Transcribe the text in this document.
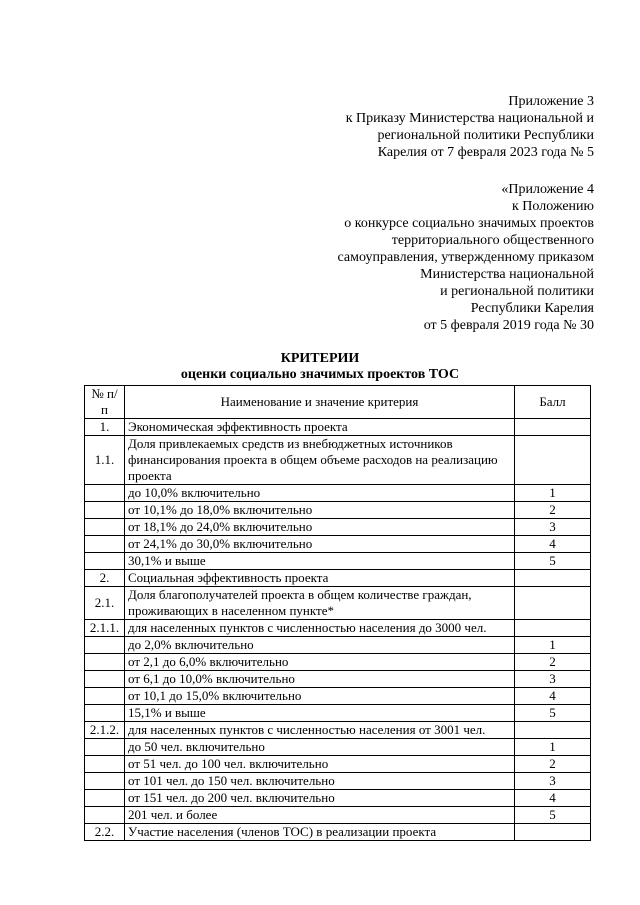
Приложение 3
к Приказу Министерства национальной и
региональной политики Республики
Карелия от 7 февраля 2023 года № 5
«Приложение 4
к Положению
о конкурсе социально значимых проектов
территориального общественного
самоуправления, утвержденному приказом
Министерства национальной
и региональной политики
Республики Карелия
от 5 февраля 2019 года № 30
КРИТЕРИИ
оценки социально значимых проектов ТОС
№ п/п	Наименование и значение критерия	Балл
1.	Экономическая эффективность проекта	
1.1.	Доля привлекаемых средств из внебюджетных источников финансирования проекта в общем объеме расходов на реализацию проекта	
	до 10,0% включительно	1
	от 10,1% до 18,0% включительно	2
	от 18,1% до 24,0% включительно	3
	от 24,1% до 30,0% включительно	4
	30,1% и выше	5
2.	Социальная эффективность проекта	
2.1.	Доля благополучателей проекта в общем количестве граждан, проживающих в населенном пункте*	
2.1.1.	для населенных пунктов с численностью населения до 3000 чел.	
	до 2,0% включительно	1
	от 2,1 до 6,0% включительно	2
	от 6,1 до 10,0% включительно	3
	от 10,1 до 15,0% включительно	4
	15,1% и выше	5
2.1.2.	для населенных пунктов с численностью населения от 3001 чел.	
	до 50 чел. включительно	1
	от 51 чел. до 100 чел. включительно	2
	от 101 чел. до 150 чел. включительно	3
	от 151 чел. до 200 чел. включительно	4
	201 чел. и более	5
2.2.	Участие населения (членов ТОС) в реализации проекта	
